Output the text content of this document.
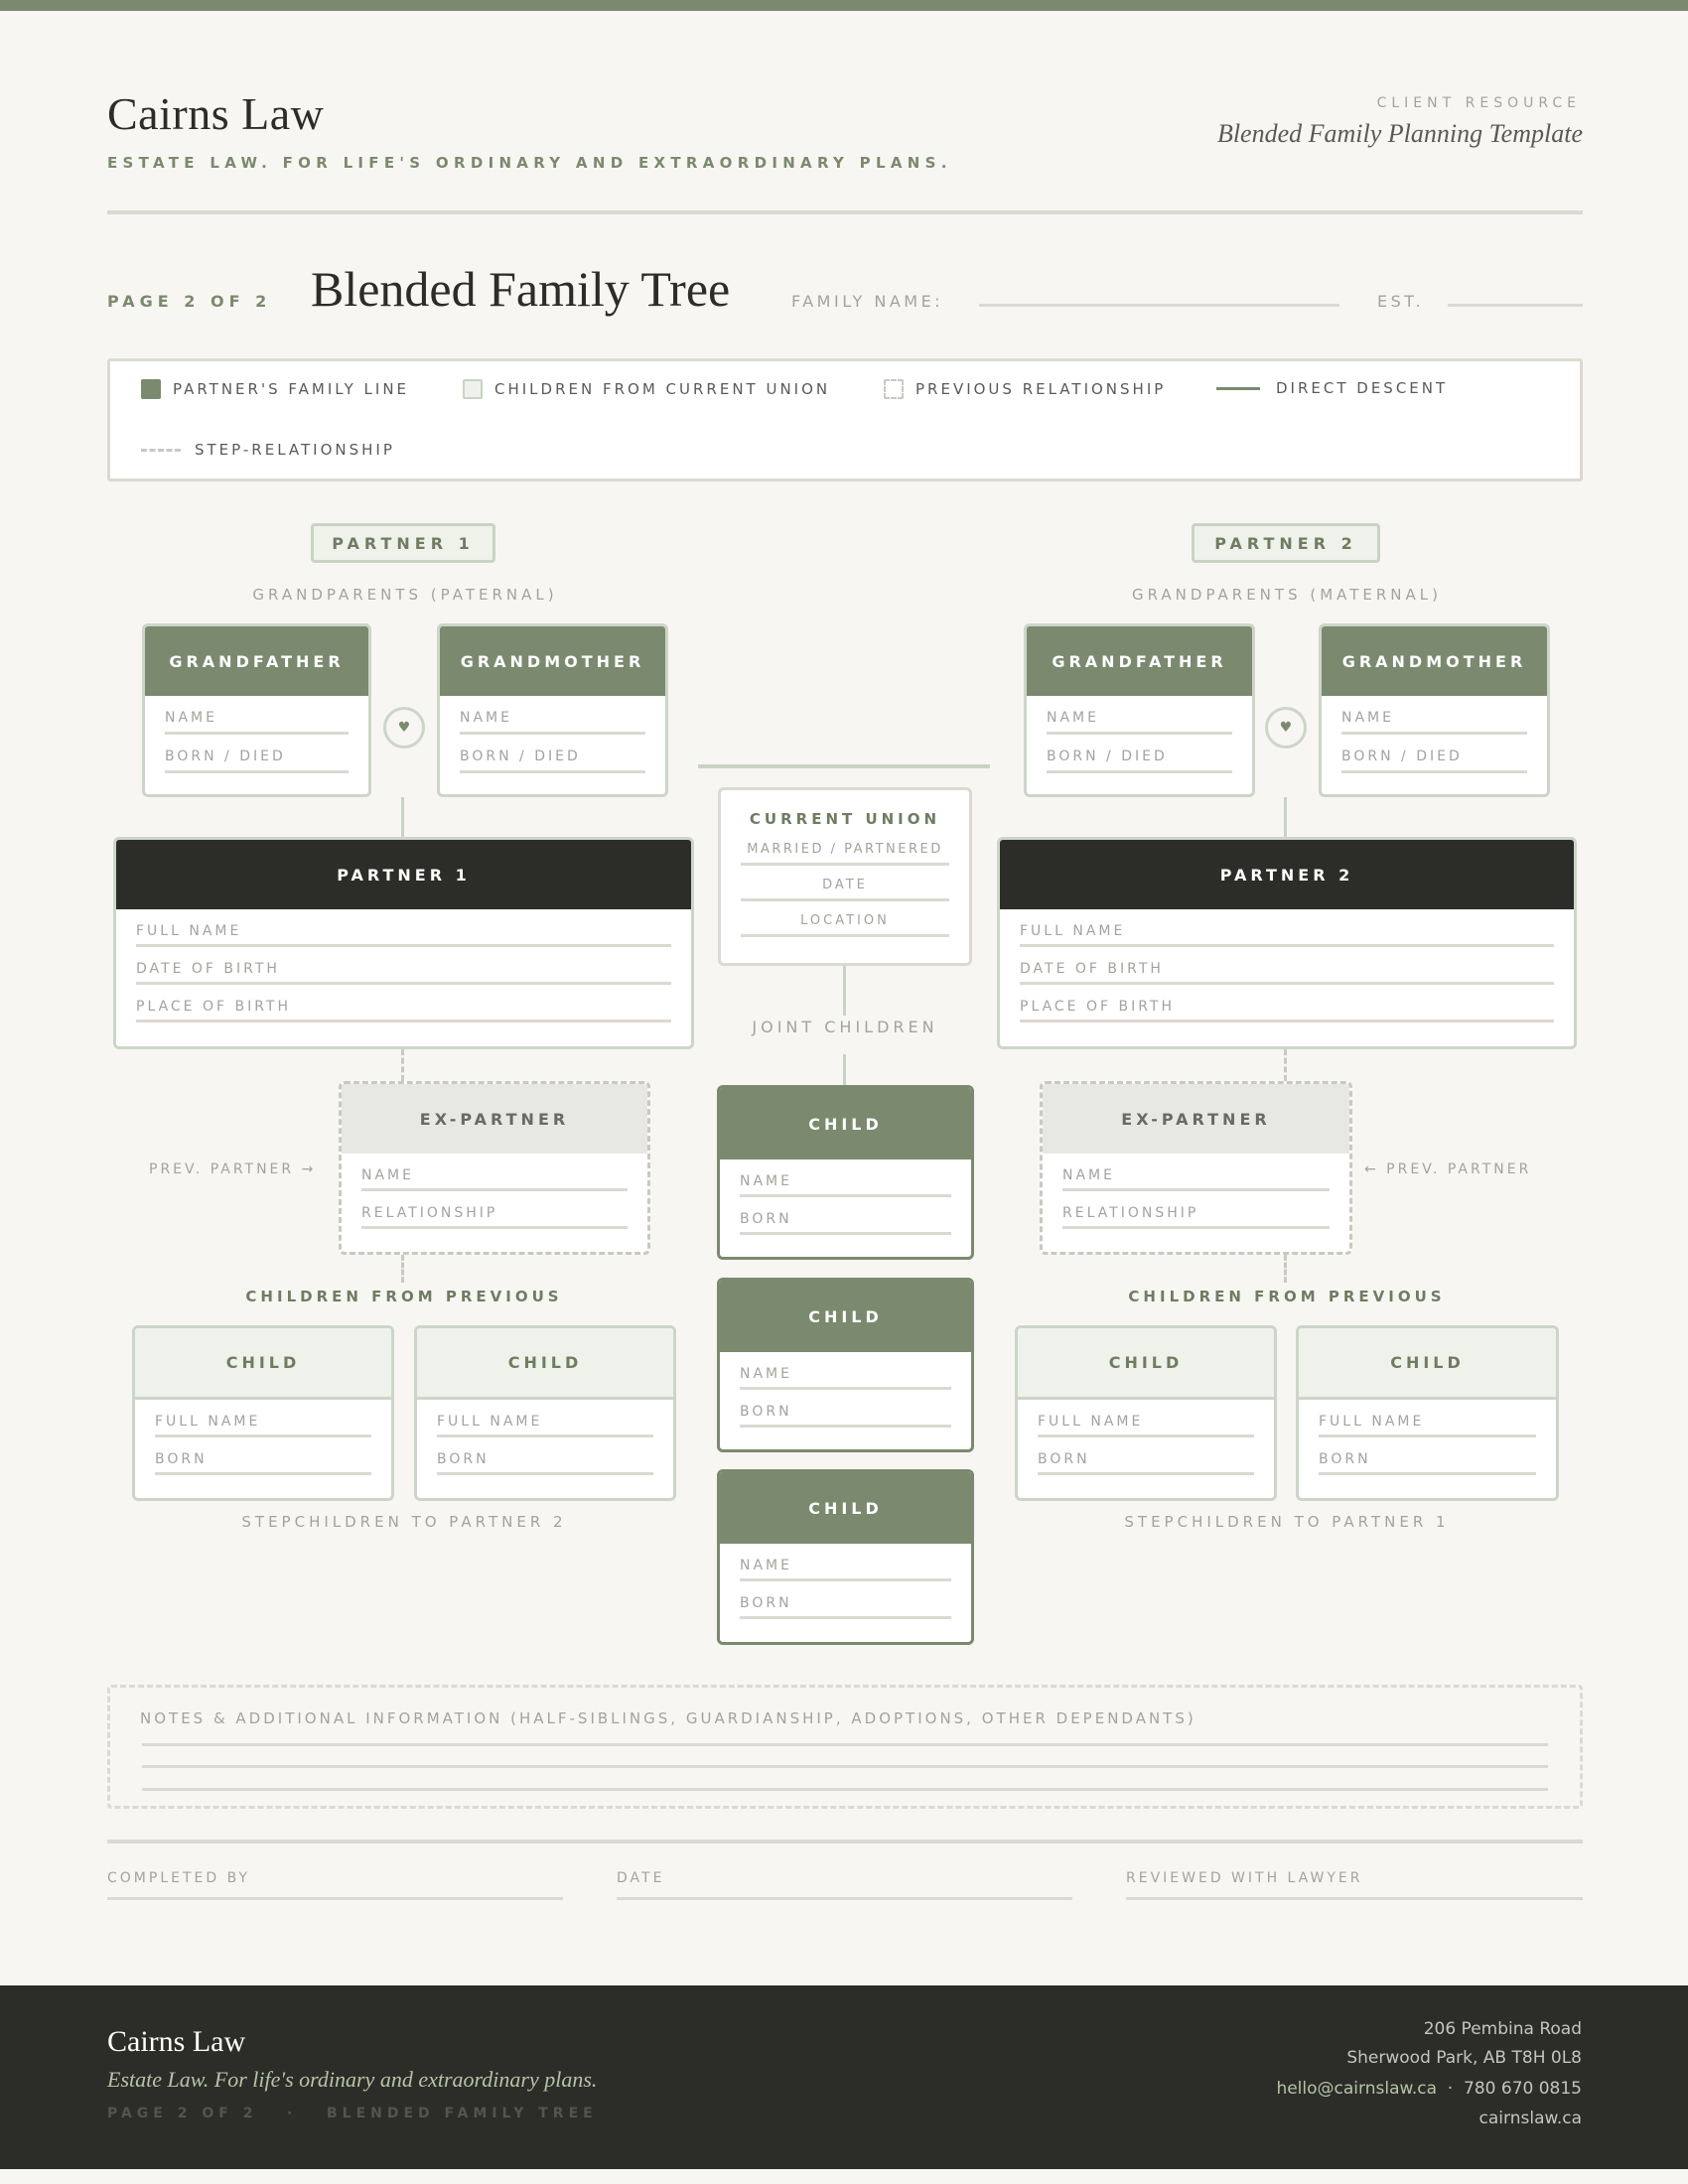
Cairns Law
ESTATE LAW. FOR LIFE'S ORDINARY AND EXTRAORDINARY PLANS.
CLIENT RESOURCE
Blended Family Planning Template
PAGE 2 OF 2 Blended Family Tree	FAMILY NAME:	EST.
PARTNER'S FAMILY LINE	CHILDREN FROM CURRENT UNION	PREVIOUS RELATIONSHIP	DIRECT DESCENT
STEP-RELATIONSHIP
PARTNER 1
GRANDPARENTS (PATERNAL)
GRANDFATHER
NAME
BORN / DIED
♥
GRANDMOTHER
NAME
BORN / DIED
PARTNER 1
FULL NAME
DATE OF BIRTH
PLACE OF BIRTH
PREV. PARTNER →
EX-PARTNER
NAME
RELATIONSHIP
CHILDREN FROM PREVIOUS
CHILD
FULL NAME
BORN
CHILD
FULL NAME
BORN
STEPCHILDREN TO PARTNER 2
CURRENT UNION
MARRIED / PARTNERED
DATE
LOCATION
JOINT CHILDREN
CHILD
NAME
BORN
CHILD
NAME
BORN
CHILD
NAME
BORN
PARTNER 2
GRANDPARENTS (MATERNAL)
GRANDFATHER
NAME
BORN / DIED
♥
GRANDMOTHER
NAME
BORN / DIED
PARTNER 2
FULL NAME
DATE OF BIRTH
PLACE OF BIRTH
EX-PARTNER
NAME
RELATIONSHIP
← PREV. PARTNER
CHILDREN FROM PREVIOUS
CHILD
FULL NAME
BORN
CHILD
FULL NAME
BORN
STEPCHILDREN TO PARTNER 1
NOTES & ADDITIONAL INFORMATION (HALF-SIBLINGS, GUARDIANSHIP, ADOPTIONS, OTHER DEPENDANTS)
COMPLETED BY	DATE	REVIEWED WITH LAWYER
Cairns Law
Estate Law. For life's ordinary and extraordinary plans.
PAGE 2 OF 2   ·   BLENDED FAMILY TREE
206 Pembina Road
Sherwood Park, AB T8H 0L8
hello@cairnslaw.ca  ·  780 670 0815
cairnslaw.ca
